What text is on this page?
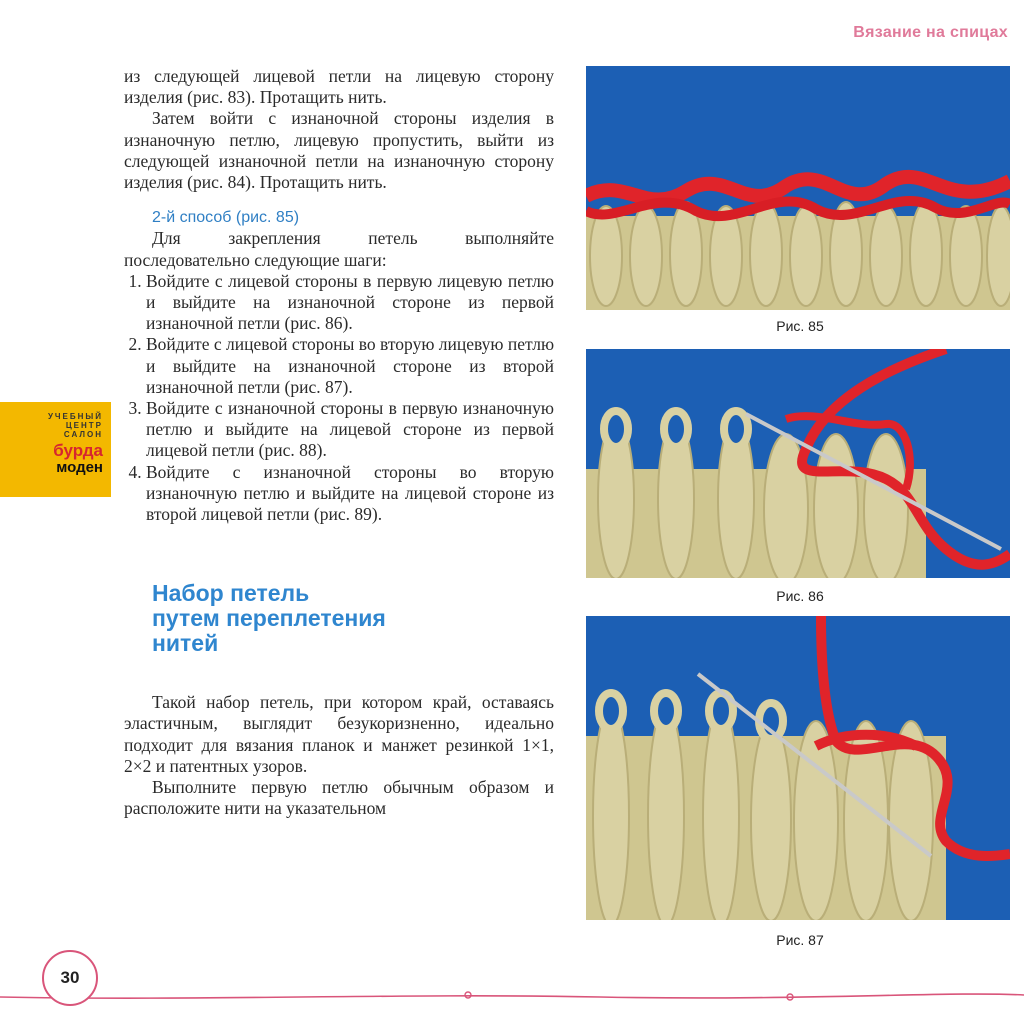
Вязание на спицах

из следующей лицевой петли на лицевую сторону изделия (рис. 83). Протащить нить.

Затем войти с изнаночной стороны изделия в изнаночную петлю, лицевую пропустить, выйти из следующей изнаночной петли на изнаночную сторону изделия (рис. 84). Протащить нить.

2-й способ (рис. 85)

Для закрепления петель выполняйте последовательно следующие шаги:

1. Войдите с лицевой стороны в первую лицевую петлю и выйдите на изнаночной стороне из первой изнаночной петли (рис. 86).
2. Войдите с лицевой стороны во вторую лицевую петлю и выйдите на изнаночной стороне из второй изнаночной петли (рис. 87).
3. Войдите с изнаночной стороны в первую изнаночную петлю и выйдите на лицевой стороне из первой лицевой петли (рис. 88).
4. Войдите с изнаночной стороны во вторую изнаночную петлю и выйдите на лицевой стороне из второй лицевой петли (рис. 89).
Набор петель
путем переплетения
нитей

Такой набор петель, при котором край, оставаясь эластичным, выглядит безукоризненно, идеально подходит для вязания планок и манжет резинкой 1×1, 2×2 и патентных узоров.

Выполните первую петлю обычным образом и расположите нити на указательном

УЧЕБНЫЙ
ЦЕНТР
САЛОН
бурда
моден
Рис. 85
Рис. 86
Рис. 87
30
